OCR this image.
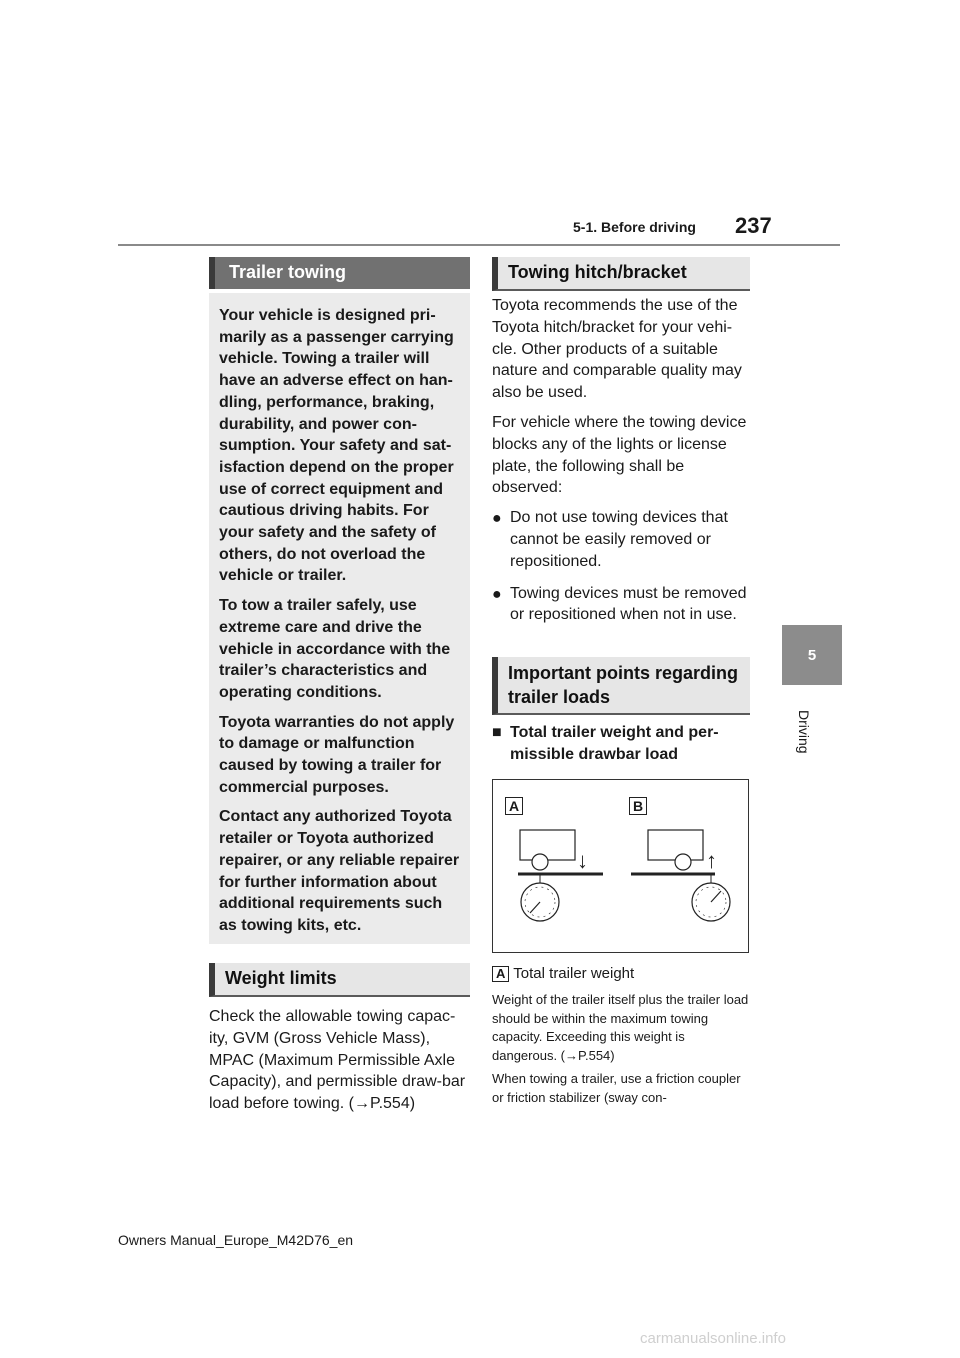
5-1. Before driving 237
5
Driving
Trailer towing

Your vehicle is designed pri-marily as a passenger carrying vehicle. Towing a trailer will have an adverse effect on han-dling, performance, braking, durability, and power con-sumption. Your safety and sat-isfaction depend on the proper use of correct equipment and cautious driving habits. For your safety and the safety of others, do not overload the vehicle or trailer.

To tow a trailer safely, use extreme care and drive the vehicle in accordance with the trailer’s characteristics and operating conditions.

Toyota warranties do not apply to damage or malfunction caused by towing a trailer for commercial purposes.

Contact any authorized Toyota retailer or Toyota authorized repairer, or any reliable repairer for further information about additional requirements such as towing kits, etc.

Weight limits
Check the allowable towing capac-ity, GVM (Gross Vehicle Mass), MPAC (Maximum Permissible Axle Capacity), and permissible draw-bar load before towing. (→P.554)
Towing hitch/bracket

Toyota recommends the use of the Toyota hitch/bracket for your vehi-cle. Other products of a suitable nature and comparable quality may also be used.

For vehicle where the towing device blocks any of the lights or license plate, the following shall be observed:

● Do not use towing devices that cannot be easily removed or repositioned.
● Towing devices must be removed or repositioned when not in use.
Important points regarding trailer loads
■ Total trailer weight and per-missible drawbar load
A	B
↓	↑
A Total trailer weight

Weight of the trailer itself plus the trailer load should be within the maximum towing capacity. Exceeding this weight is dangerous. (→P.554)

When towing a trailer, use a friction coupler or friction stabilizer (sway con-

Owners Manual_Europe_M42D76_en
carmanualsonline.info
